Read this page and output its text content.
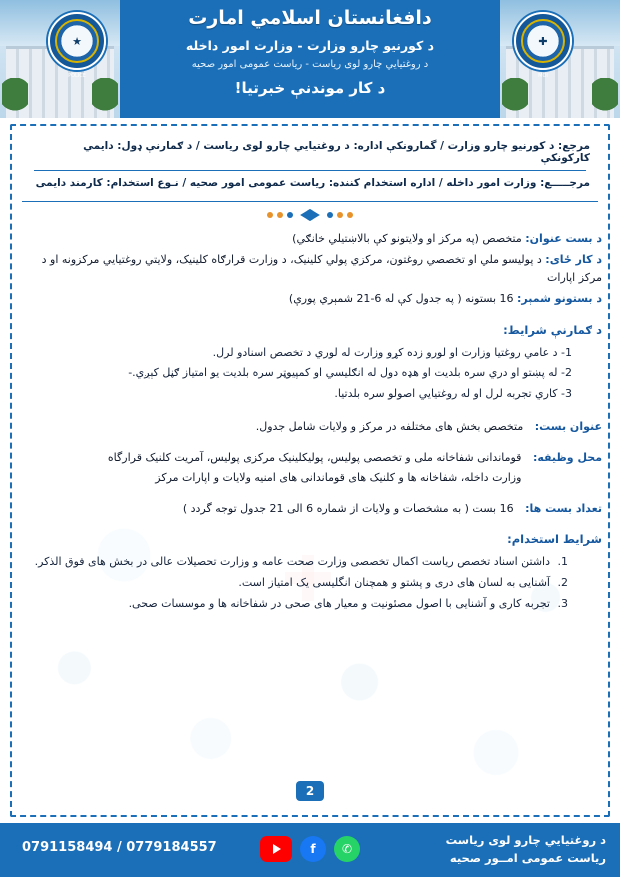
دافغانستان اسلامي امارت
د کورنیو چارو وزارت - وزارت امور داخله
د روغتیایي چارو لوی ریاست - ریاست عمومی امور صحیه
د کار موندنې خبرتیا!
★
POLICE
✚
MOI
مرجع: د کورنیو چارو وزارت / گمارونکې اداره: د روغتیایي چارو لوی ریاست / د ګمارنې ډول: دایمي کارکونکې
مرجـــــع: وزارت امور داخله / اداره استخدام کننده: ریاست عمومی امور صحیه / نـوع استخدام: کارمند دایمی
د بست عنوان: متخصص (په مرکز او ولایتونو کې بالاښتیلي خانګي)
د کار ځای: د پولیسو ملي او تخصصي روغتون، مرکزي پولي کلینیک، د وزارت قرارګاه کلینیک، ولایتي روغتیایي مرکزونه او د مرکز اپارات
د بستونو شمېر: 16 بستونه ( په جدول کې له 6-21 شمېري پورې)
د ګمارنې شرایط:
1- د عامي روغتیا وزارت او لورو زده کړو وزارت له لوري د تخصص اسنادو لرل.
2- له پښتو او دري سره بلدیت او هډه دول له انګلیسي او کمپیوټر سره بلدیت یو امتیاز ګڼل کېږي.-
3- کاري تجربه لرل او له روغتیایي اصولو سره بلدتیا.
عنوان بست: متخصص بخش های مختلفه در مرکز و ولایات شامل جدول.
محل وظیفه: قوماندانی شفاخانه ملی و تخصصی پولیس، پولیکلینیک مرکزی پولیس، آمریت کلنیک قرارگاه وزارت داخله، شفاخانه ها و کلنیک های قوماندانی های امنیه ولایات و اپارات مرکز
تعداد بست ها: 16 بست ( به مشخصات و ولایات از شماره 6 الی 21 جدول توجه گردد )
شرایط استخدام:
1. داشتن اسناد تخصص ریاست اکمال تخصصی وزارت صحت عامه و وزارت تحصیلات عالی در بخش های فوق الذکر.
2. آشنایی به لسان های دری و پشتو و همچنان انگلیسی یک امتیاز است.
3. تجربه کاری و آشنایی با اصول مصئونیت و معیار های صحی در شفاخانه ها و موسسات صحی.
2
د روغتیایي چارو لوی ریاست
ریاست عمومی امــور صحیه
f	✆
0791158494 / 0779184557
